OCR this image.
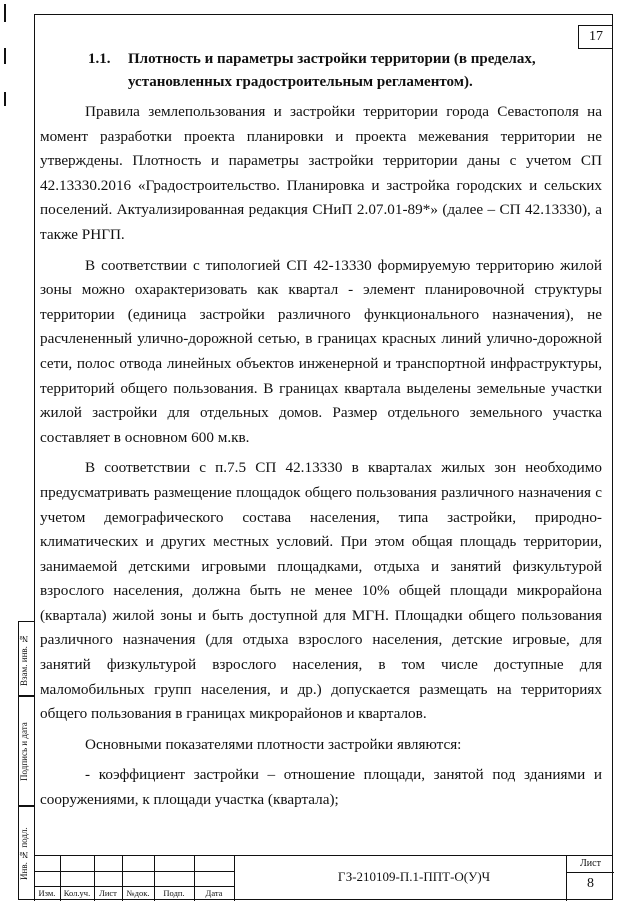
17
1.1. Плотность и параметры застройки территории (в пределах,
установленных градостроительным регламентом).

Правила землепользования и застройки территории города Севастополя на момент разработки проекта планировки и проекта межевания территории не утверждены. Плотность и параметры застройки территории даны с учетом СП 42.13330.2016 «Градостроительство. Планировка и застройка городских и сельских поселений. Актуализированная редакция СНиП 2.07.01-89*» (далее – СП 42.13330), а также РНГП.

В соответствии с типологией СП 42-13330 формируемую территорию жилой зоны можно охарактеризовать как квартал - элемент планировочной структуры территории (единица застройки различного функционального назначения), не расчлененный улично-дорожной сетью, в границах красных линий улично-дорожной сети, полос отвода линейных объектов инженерной и транспортной инфраструктуры, территорий общего пользования. В границах квартала выделены земельные участки жилой застройки для отдельных домов. Размер отдельного земельного участка составляет в основном 600 м.кв.

В соответствии с п.7.5 СП 42.13330 в кварталах жилых зон необходимо предусматривать размещение площадок общего пользования различного назначения с учетом демографического состава населения, типа застройки, природно-климатических и других местных условий. При этом общая площадь территории, занимаемой детскими игровыми площадками, отдыха и занятий физкультурой взрослого населения, должна быть не менее 10% общей площади микрорайона (квартала) жилой зоны и быть доступной для МГН. Площадки общего пользования различного назначения (для отдыха взрослого населения, детские игровые, для занятий физкультурой взрослого населения, в том числе доступные для маломобильных групп населения, и др.) допускается размещать на территориях общего пользования в границах микрорайонов и кварталов.

Основными показателями плотности застройки являются:

- коэффициент застройки – отношение площади, занятой под зданиями и сооружениями, к площади участка (квартала);

Взам. инв. №
Подпись и дата
Инв. № подл.
Изм. Кол.уч.	Лист	№док.	Подп.	Дата
ГЗ-210109-П.1-ППТ-О(У)Ч
Лист
8
